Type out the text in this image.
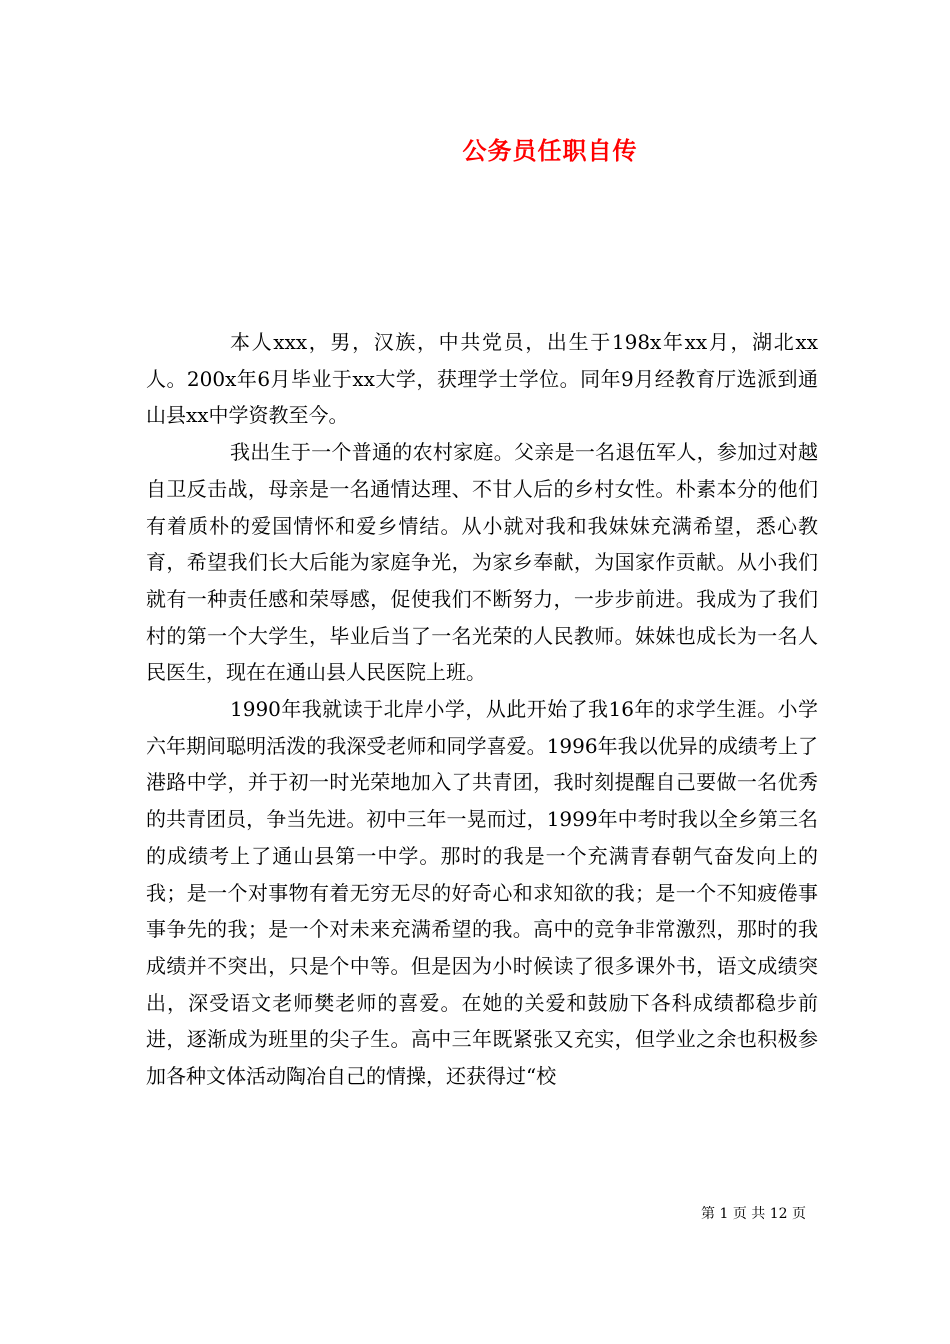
公务员任职自传

本人xxx，男，汉族，中共党员，出生于198x年xx月，湖北xx人。200x年6月毕业于xx大学，获理学士学位。同年9月经教育厅选派到通山县xx中学资教至今。

我出生于一个普通的农村家庭。父亲是一名退伍军人，参加过对越自卫反击战，母亲是一名通情达理、不甘人后的乡村女性。朴素本分的他们有着质朴的爱国情怀和爱乡情结。从小就对我和我妹妹充满希望，悉心教育，希望我们长大后能为家庭争光，为家乡奉献，为国家作贡献。从小我们就有一种责任感和荣辱感，促使我们不断努力，一步步前进。我成为了我们村的第一个大学生，毕业后当了一名光荣的人民教师。妹妹也成长为一名人民医生，现在在通山县人民医院上班。

1990年我就读于北岸小学，从此开始了我16年的求学生涯。小学六年期间聪明活泼的我深受老师和同学喜爱。1996年我以优异的成绩考上了港路中学，并于初一时光荣地加入了共青团，我时刻提醒自己要做一名优秀的共青团员，争当先进。初中三年一晃而过，1999年中考时我以全乡第三名的成绩考上了通山县第一中学。那时的我是一个充满青春朝气奋发向上的我；是一个对事物有着无穷无尽的好奇心和求知欲的我；是一个不知疲倦事事争先的我；是一个对未来充满希望的我。高中的竞争非常激烈，那时的我成绩并不突出，只是个中等。但是因为小时候读了很多课外书，语文成绩突出，深受语文老师樊老师的喜爱。在她的关爱和鼓励下各科成绩都稳步前进，逐渐成为班里的尖子生。高中三年既紧张又充实，但学业之余也积极参加各种文体活动陶冶自己的情操，还获得过“校

第 1 页 共 12 页
